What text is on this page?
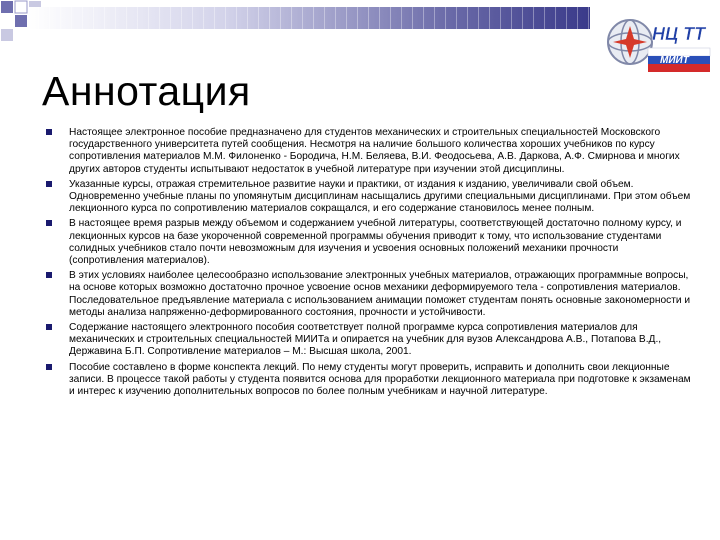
НЦ ТТ
МИИТ
Аннотация
Настоящее электронное пособие предназначено для студентов механических и строительных специальностей Московского государственного университета путей сообщения. Несмотря на наличие большого количества хороших учебников по курсу сопротивления материалов М.М. Филоненко - Бородича, Н.М. Беляева, В.И. Феодосьева, А.В. Даркова, А.Ф. Смирнова и многих других авторов студенты испытывают недостаток в учебной литературе при изучении этой дисциплины.
Указанные курсы, отражая стремительное развитие науки и практики, от издания к изданию, увеличивали свой объем. Одновременно учебные планы по упомянутым дисциплинам насыщались другими специальными дисциплинами. При этом объем лекционного курса по сопротивлению материалов сокращался, и его содержание становилось менее полным.
В настоящее время разрыв между объемом и содержанием учебной литературы, соответствующей достаточно полному курсу, и лекционных курсов на базе укороченной современной программы обучения приводит к тому, что использование студентами солидных учебников стало почти невозможным для изучения и усвоения основных положений механики прочности (сопротивления материалов).
В этих условиях наиболее целесообразно использование электронных учебных материалов, отражающих программные вопросы, на основе которых возможно достаточно прочное усвоение основ механики деформируемого тела - сопротивления материалов. Последовательное предъявление материала с использованием анимации поможет студентам понять основные закономерности и методы анализа напряженно-деформированного состояния, прочности и устойчивости.
Содержание настоящего электронного пособия соответствует полной программе курса сопротивления материалов для механических и строительных специальностей МИИТа и опирается на учебник для вузов Александрова А.В., Потапова В.Д., Державина Б.П. Сопротивление материалов – М.: Высшая школа, 2001.
Пособие составлено в форме конспекта лекций. По нему студенты могут проверить, исправить и дополнить свои лекционные записи. В процессе такой работы у студента появится основа для проработки лекционного материала при подготовке к экзаменам и интерес к изучению дополнительных вопросов по более полным учебникам и научной литературе.
